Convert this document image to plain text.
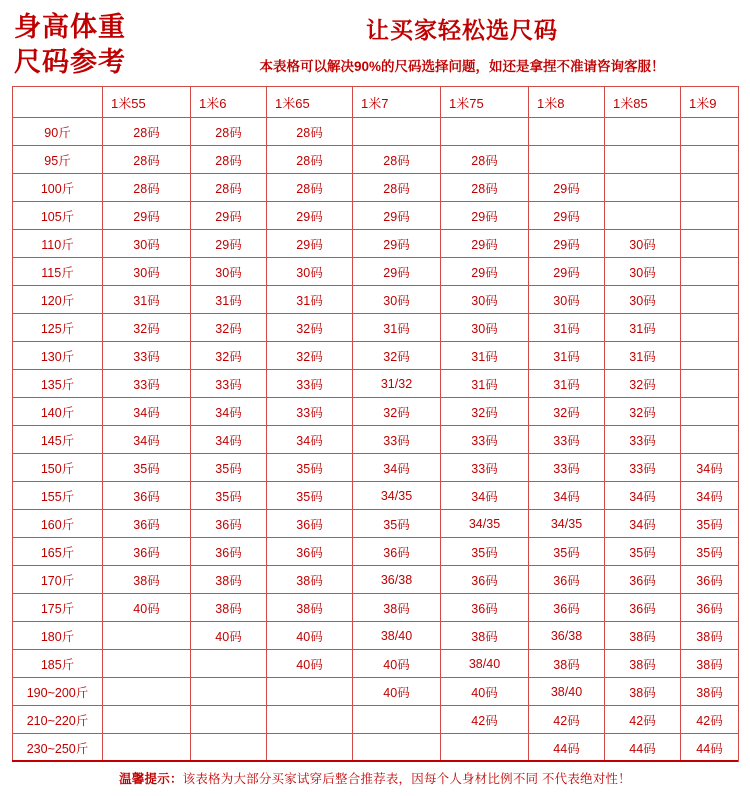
身高体重
尺码参考
让买家轻松选尺码
本表格可以解决90%的尺码选择问题，如还是拿捏不准请咨询客服！
	1米55	1米6	1米65	1米7	1米75	1米8	1米85	1米9
90斤	28码	28码	28码					
95斤	28码	28码	28码	28码	28码			
100斤	28码	28码	28码	28码	28码	29码		
105斤	29码	29码	29码	29码	29码	29码		
110斤	30码	29码	29码	29码	29码	29码	30码	
115斤	30码	30码	30码	29码	29码	29码	30码	
120斤	31码	31码	31码	30码	30码	30码	30码	
125斤	32码	32码	32码	31码	30码	31码	31码	
130斤	33码	32码	32码	32码	31码	31码	31码	
135斤	33码	33码	33码	31/32	31码	31码	32码	
140斤	34码	34码	33码	32码	32码	32码	32码	
145斤	34码	34码	34码	33码	33码	33码	33码	
150斤	35码	35码	35码	34码	33码	33码	33码	34码
155斤	36码	35码	35码	34/35	34码	34码	34码	34码
160斤	36码	36码	36码	35码	34/35	34/35	34码	35码
165斤	36码	36码	36码	36码	35码	35码	35码	35码
170斤	38码	38码	38码	36/38	36码	36码	36码	36码
175斤	40码	38码	38码	38码	36码	36码	36码	36码
180斤		40码	40码	38/40	38码	36/38	38码	38码
185斤			40码	40码	38/40	38码	38码	38码
190~200斤				40码	40码	38/40	38码	38码
210~220斤					42码	42码	42码	42码
230~250斤						44码	44码	44码
温馨提示：该表格为大部分买家试穿后整合推荐表，因每个人身材比例不同 不代表绝对性！
